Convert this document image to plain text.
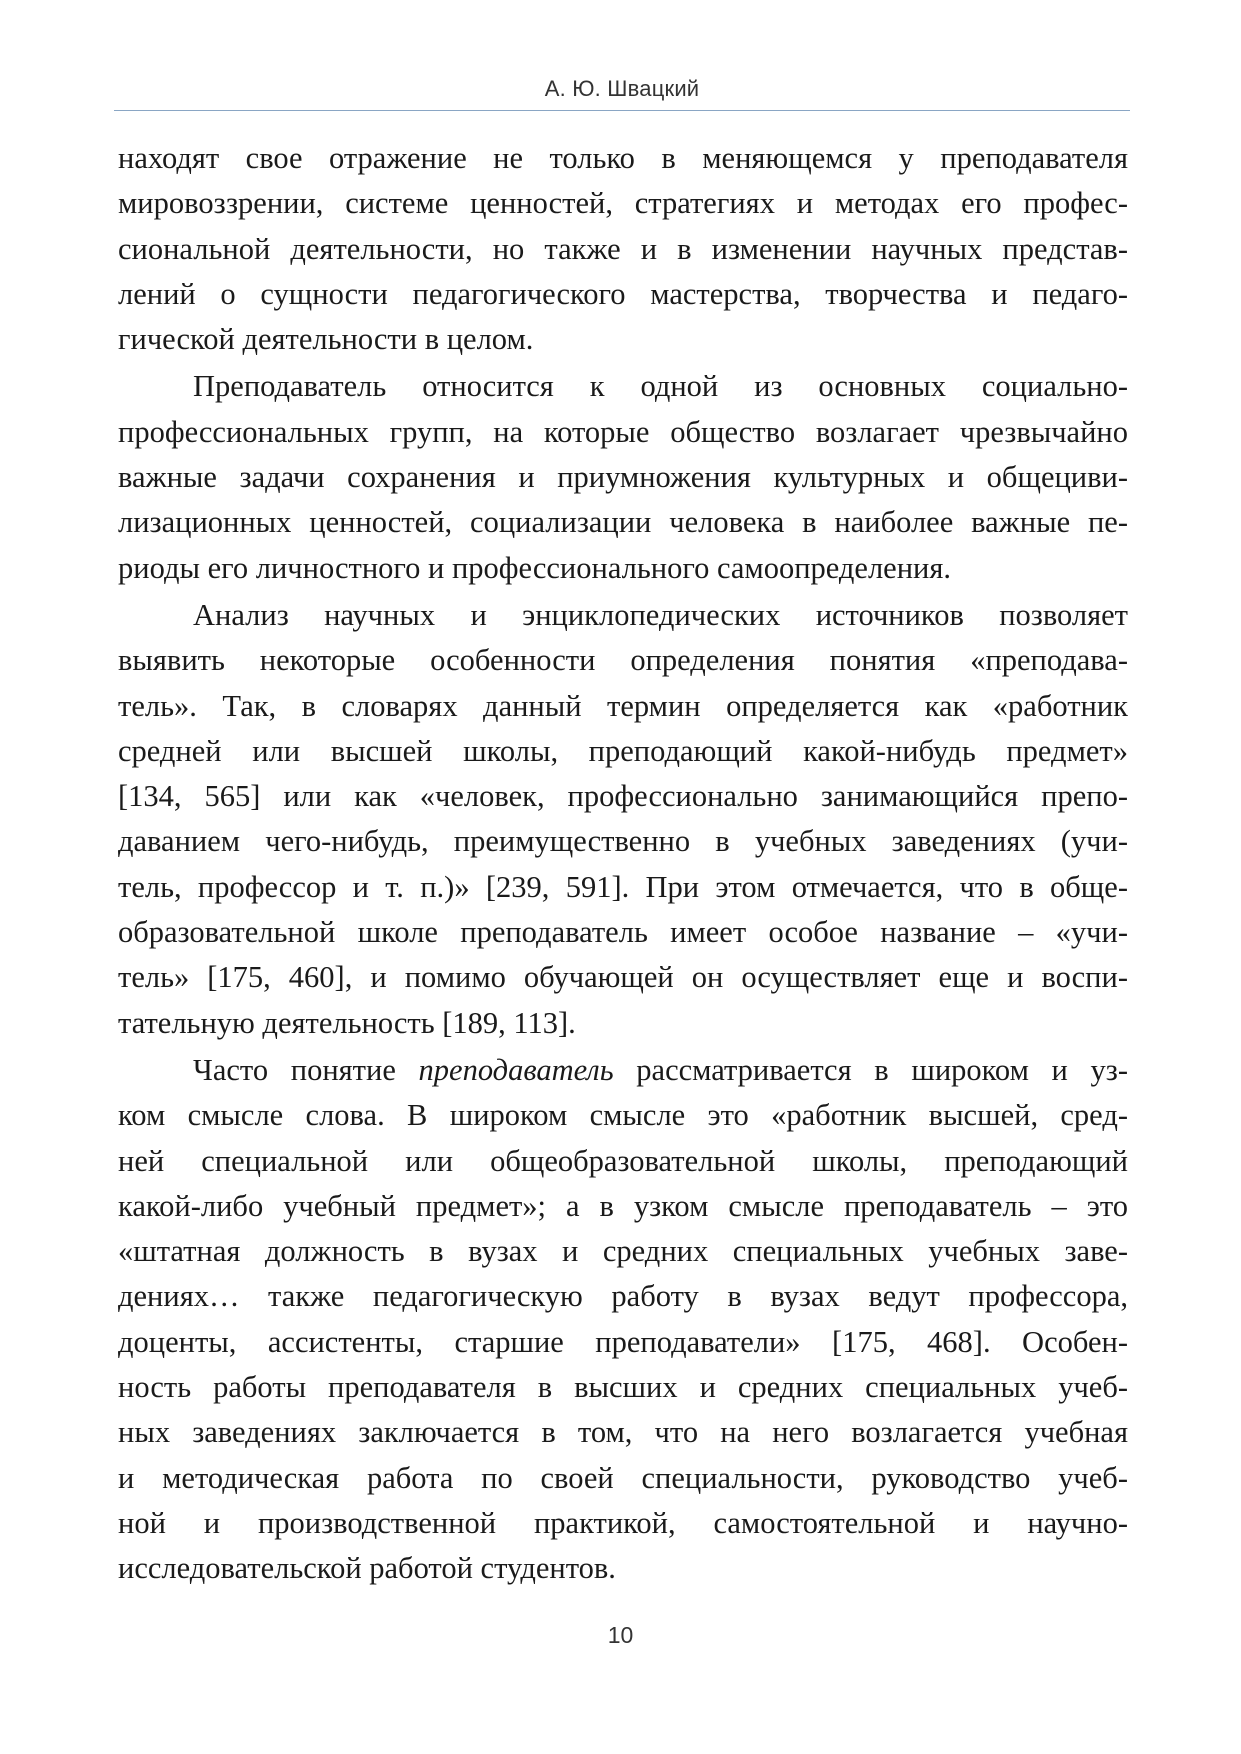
А. Ю. Швацкий
находят свое отражение не только в меняющемся у преподавателя
мировоззрении, системе ценностей, стратегиях и методах его профес-
сиональной деятельности, но также и в изменении научных представ-
лений о сущности педагогического мастерства, творчества и педаго-
гической деятельности в целом.
Преподаватель относится к одной из основных социально-
профессиональных групп, на которые общество возлагает чрезвычайно
важные задачи сохранения и приумножения культурных и общециви-
лизационных ценностей, социализации человека в наиболее важные пе-
риоды его личностного и профессионального самоопределения.
Анализ научных и энциклопедических источников позволяет
выявить некоторые особенности определения понятия «преподава-
тель». Так, в словарях данный термин определяется как «работник
средней или высшей школы, преподающий какой-нибудь предмет»
[134, 565] или как «человек, профессионально занимающийся препо-
даванием чего-нибудь, преимущественно в учебных заведениях (учи-
тель, профессор и т. п.)» [239, 591]. При этом отмечается, что в обще-
образовательной школе преподаватель имеет особое название – «учи-
тель» [175, 460], и помимо обучающей он осуществляет еще и воспи-
тательную деятельность [189, 113].
Часто понятие преподаватель рассматривается в широком и уз-
ком смысле слова. В широком смысле это «работник высшей, сред-
ней специальной или общеобразовательной школы, преподающий
какой-либо учебный предмет»; а в узком смысле преподаватель – это
«штатная должность в вузах и средних специальных учебных заве-
дениях… также педагогическую работу в вузах ведут профессора,
доценты, ассистенты, старшие преподаватели» [175, 468]. Особен-
ность работы преподавателя в высших и средних специальных учеб-
ных заведениях заключается в том, что на него возлагается учебная
и методическая работа по своей специальности, руководство учеб-
ной и производственной практикой, самостоятельной и научно-
исследовательской работой студентов.
10
